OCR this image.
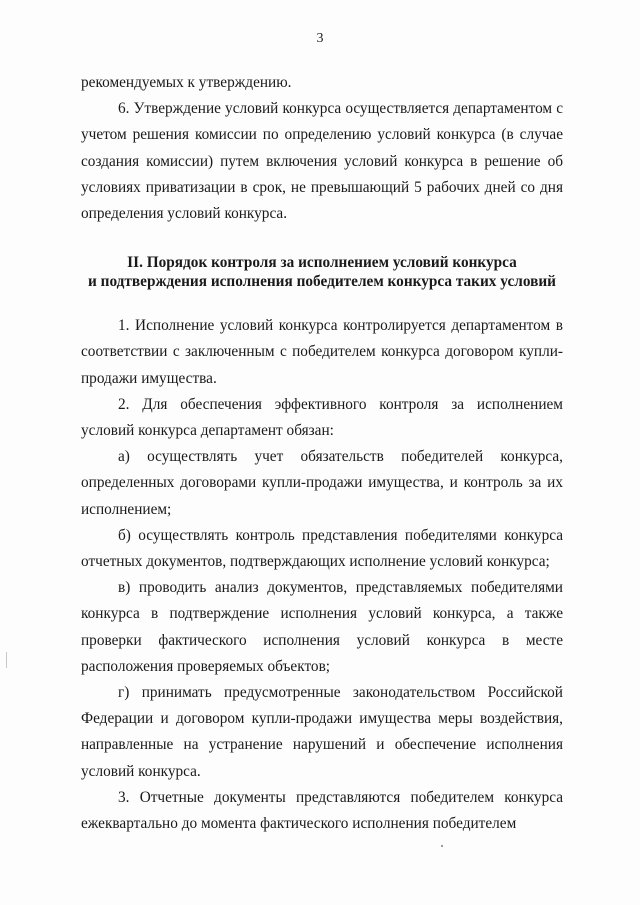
3

рекомендуемых к утверждению.

6. Утверждение условий конкурса осуществляется департаментом с учетом решения комиссии по определению условий конкурса (в случае создания комиссии) путем включения условий конкурса в решение об условиях приватизации в срок, не превышающий 5 рабочих дней со дня определения условий конкурса.

II. Порядок контроля за исполнением условий конкурса
и подтверждения исполнения победителем конкурса таких условий

1. Исполнение условий конкурса контролируется департаментом в соответствии с заключенным с победителем конкурса договором купли-продажи имущества.

2. Для обеспечения эффективного контроля за исполнением условий конкурса департамент обязан:

а) осуществлять учет обязательств победителей конкурса, определенных договорами купли-продажи имущества, и контроль за их исполнением;

б) осуществлять контроль представления победителями конкурса отчетных документов, подтверждающих исполнение условий конкурса;

в) проводить анализ документов, представляемых победителями конкурса в подтверждение исполнения условий конкурса, а также проверки фактического исполнения условий конкурса в месте расположения проверяемых объектов;

г) принимать предусмотренные законодательством Российской Федерации и договором купли-продажи имущества меры воздействия, направленные на устранение нарушений и обеспечение исполнения условий конкурса.

3. Отчетные документы представляются победителем конкурса ежеквартально до момента фактического исполнения победителем
